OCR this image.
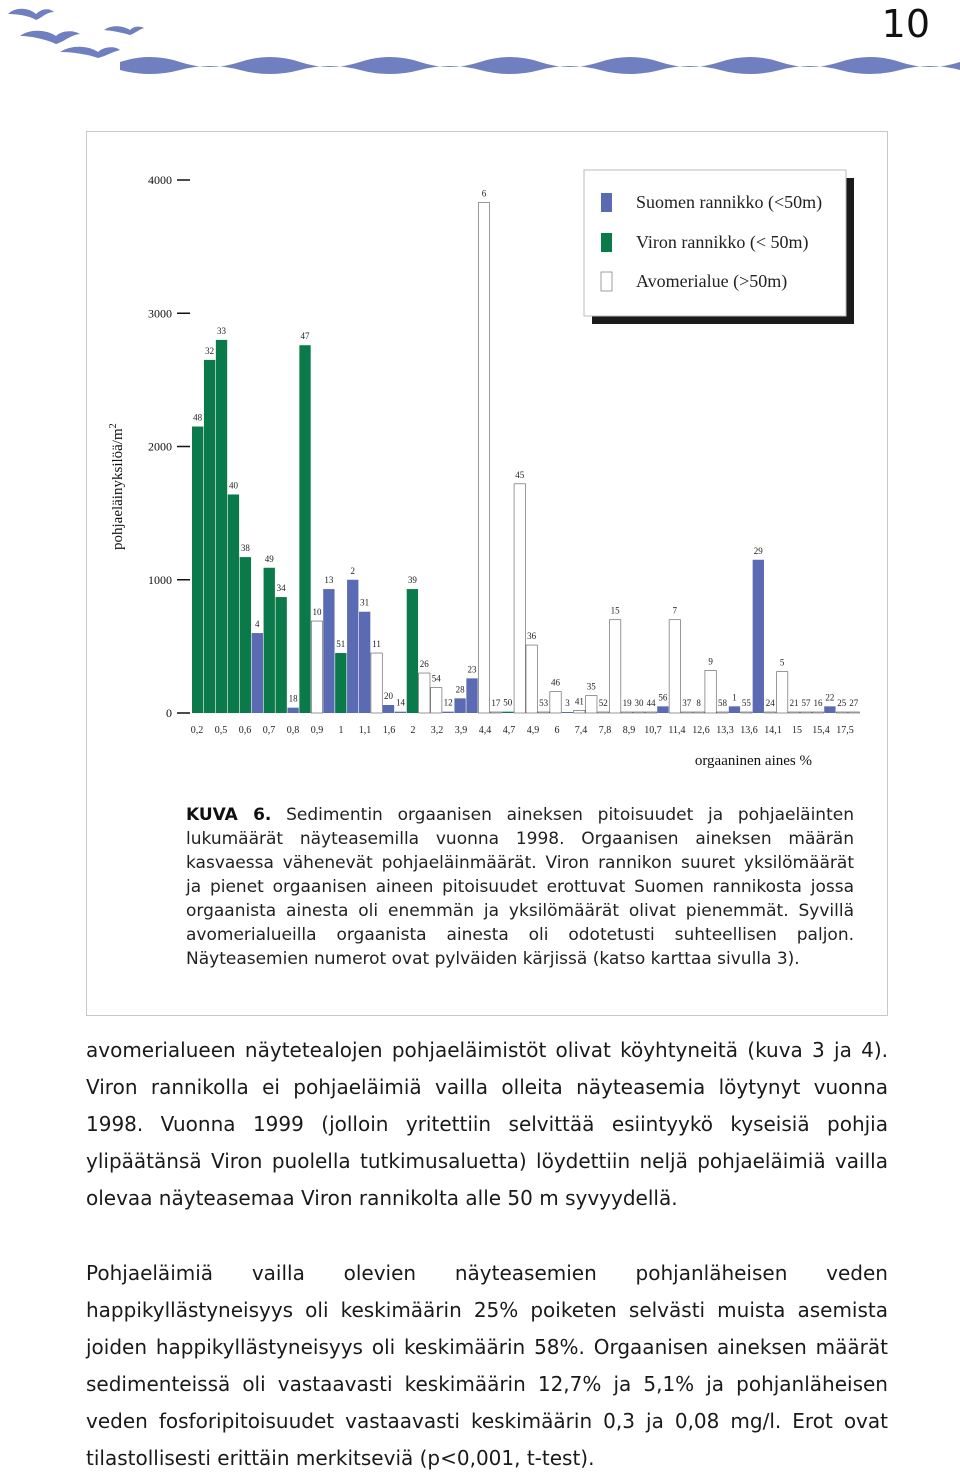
10
0
1000
2000
3000
4000
48
32
33
40
38
4
49
34
18
47
10
13
51
2
31
11
20
14
39
26
54
12
28
23
6
17 50
45
36
53
46
3 41
35
52
15
19 30 44
56
7
37 8
9
58
1
55
29
24
5
21 57 16
22
25 27
0,2 0,5 0,6 0,7 0,8 0,9 1 1,1 1,6 2 3,2 3,9 4,4 4,7 4,9 6 7,4 7,8 8,9 10,7 11,4 12,6 13,3 13,6 14,1 15 15,4 17,5
pohjaeläinyksilöä/$m^2$
orgaaninen aines %
Suomen rannikko (<50m)
Viron rannikko (< 50m)
Avomerialue (>50m)
KUVA 6. Sedimentin orgaanisen aineksen pitoisuudet ja pohjaeläinten lukumäärät näyteasemilla vuonna 1998. Orgaanisen aineksen määrän kasvaessa vähenevät pohjaeläinmäärät. Viron rannikon suuret yksilömäärät ja pienet orgaanisen aineen pitoisuudet erottuvat Suomen rannikosta jossa orgaanista ainesta oli enemmän ja yksilömäärät olivat pienemmät. Syvillä avomerialueilla orgaanista ainesta oli odotetusti suhteellisen paljon. Näyteasemien numerot ovat pylväiden kärjissä (katso karttaa sivulla 3).

avomerialueen näytetealojen pohjaeläimistöt olivat köyhtyneitä (kuva 3 ja 4). Viron rannikolla ei pohjaeläimiä vailla olleita näyteasemia löytynyt vuonna 1998. Vuonna 1999 (jolloin yritettiin selvittää esiintyykö kyseisiä pohjia ylipäätänsä Viron puolella tutkimusaluetta) löydettiin neljä pohjaeläimiä vailla olevaa näyteasemaa Viron rannikolta alle 50 m syvyydellä.

Pohjaeläimiä vailla olevien näyteasemien pohjanläheisen veden happikyllästyneisyys oli keskimäärin 25% poiketen selvästi muista asemista joiden happikyllästyneisyys oli keskimäärin 58%. Orgaanisen aineksen määrät sedimenteissä oli vastaavasti keskimäärin 12,7% ja 5,1% ja pohjanläheisen veden fosforipitoisuudet vastaavasti keskimäärin 0,3 ja 0,08 mg/l. Erot ovat tilastollisesti erittäin merkitseviä (p<0,001, t-test).
